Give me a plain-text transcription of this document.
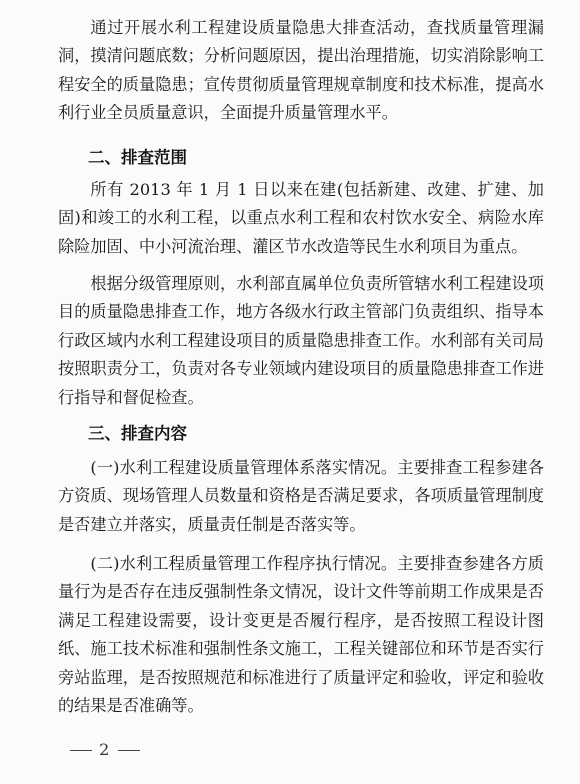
通过开展水利工程建设质量隐患大排查活动，查找质量管理漏洞，摸清问题底数；分析问题原因，提出治理措施，切实消除影响工程安全的质量隐患；宣传贯彻质量管理规章制度和技术标准，提高水利行业全员质量意识，全面提升质量管理水平。

二、排查范围

所有 2013 年 1 月 1 日以来在建(包括新建、改建、扩建、加固)和竣工的水利工程，以重点水利工程和农村饮水安全、病险水库除险加固、中小河流治理、灌区节水改造等民生水利项目为重点。

根据分级管理原则，水利部直属单位负责所管辖水利工程建设项目的质量隐患排查工作，地方各级水行政主管部门负责组织、指导本行政区域内水利工程建设项目的质量隐患排查工作。水利部有关司局按照职责分工，负责对各专业领域内建设项目的质量隐患排查工作进行指导和督促检查。

三、排查内容

(一)水利工程建设质量管理体系落实情况。主要排查工程参建各方资质、现场管理人员数量和资格是否满足要求，各项质量管理制度是否建立并落实，质量责任制是否落实等。

(二)水利工程质量管理工作程序执行情况。主要排查参建各方质量行为是否存在违反强制性条文情况，设计文件等前期工作成果是否满足工程建设需要，设计变更是否履行程序，是否按照工程设计图纸、施工技术标准和强制性条文施工，工程关键部位和环节是否实行旁站监理，是否按照规范和标准进行了质量评定和验收，评定和验收的结果是否准确等。

2
